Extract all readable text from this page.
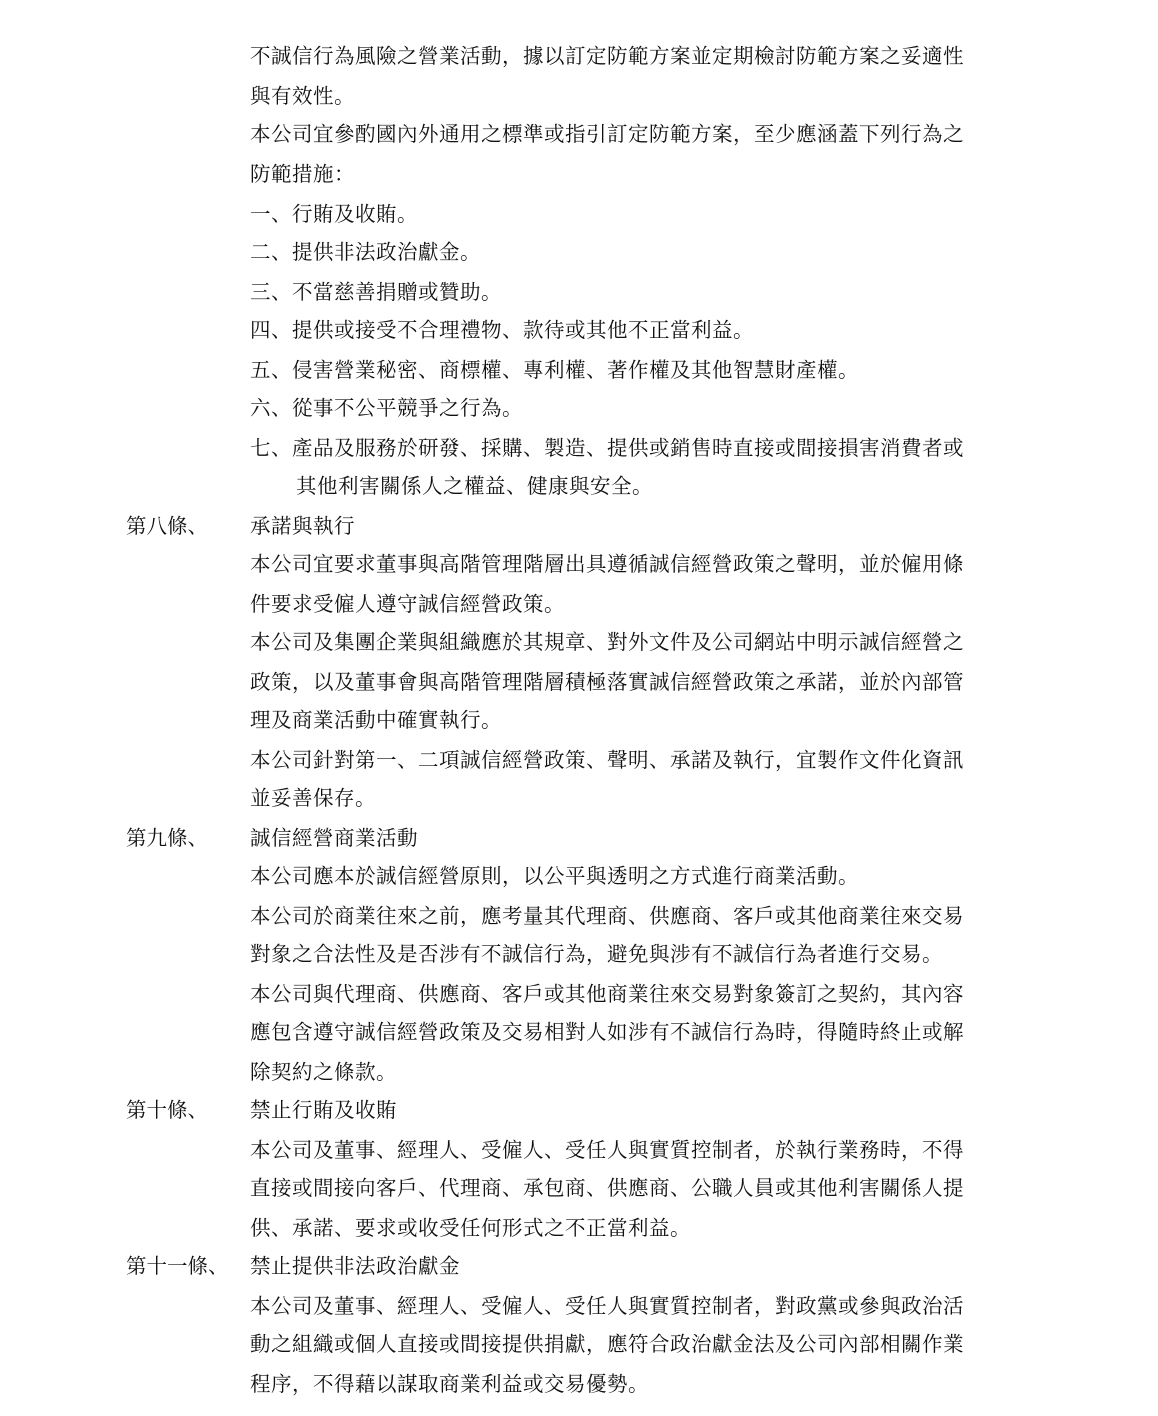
不誠信行為風險之營業活動，據以訂定防範方案並定期檢討防範方案之妥適性
與有效性。
本公司宜參酌國內外通用之標準或指引訂定防範方案，至少應涵蓋下列行為之
防範措施：
一、行賄及收賄。
二、提供非法政治獻金。
三、不當慈善捐贈或贊助。
四、提供或接受不合理禮物、款待或其他不正當利益。
五、侵害營業秘密、商標權、專利權、著作權及其他智慧財產權。
六、從事不公平競爭之行為。
七、產品及服務於研發、採購、製造、提供或銷售時直接或間接損害消費者或
其他利害關係人之權益、健康與安全。
第八條、 承諾與執行
本公司宜要求董事與高階管理階層出具遵循誠信經營政策之聲明，並於僱用條
件要求受僱人遵守誠信經營政策。
本公司及集團企業與組織應於其規章、對外文件及公司網站中明示誠信經營之
政策，以及董事會與高階管理階層積極落實誠信經營政策之承諾，並於內部管
理及商業活動中確實執行。
本公司針對第一、二項誠信經營政策、聲明、承諾及執行，宜製作文件化資訊
並妥善保存。
第九條、 誠信經營商業活動
本公司應本於誠信經營原則，以公平與透明之方式進行商業活動。
本公司於商業往來之前，應考量其代理商、供應商、客戶或其他商業往來交易
對象之合法性及是否涉有不誠信行為，避免與涉有不誠信行為者進行交易。
本公司與代理商、供應商、客戶或其他商業往來交易對象簽訂之契約，其內容
應包含遵守誠信經營政策及交易相對人如涉有不誠信行為時，得隨時終止或解
除契約之條款。
第十條、 禁止行賄及收賄
本公司及董事、經理人、受僱人、受任人與實質控制者，於執行業務時，不得
直接或間接向客戶、代理商、承包商、供應商、公職人員或其他利害關係人提
供、承諾、要求或收受任何形式之不正當利益。
第十一條、 禁止提供非法政治獻金
本公司及董事、經理人、受僱人、受任人與實質控制者，對政黨或參與政治活
動之組織或個人直接或間接提供捐獻，應符合政治獻金法及公司內部相關作業
程序，不得藉以謀取商業利益或交易優勢。
